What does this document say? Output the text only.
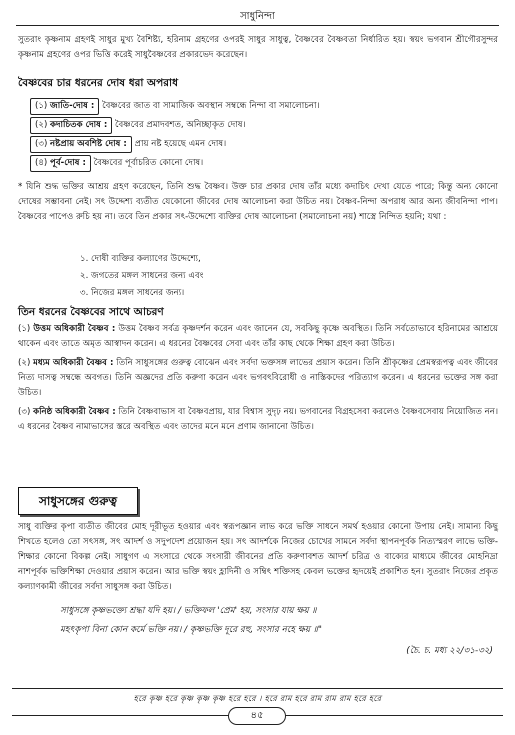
সাধুনিন্দা

সুতরাং কৃষ্ণনাম গ্রহণই সাধুর মুখ্য বৈশিষ্ট্য, হরিনাম গ্রহণের ওপরই সাধুর সাধুত্ব, বৈষ্ণবের বৈষ্ণবতা নির্ধারিত হয়। স্বয়ং ভগবান শ্রীগৌরসুন্দর কৃষ্ণনাম গ্রহণের ওপর ভিত্তি করেই সাধুবৈষ্ণবের প্রকারভেদ করেছেন।

বৈষ্ণবের চার ধরনের দোষ ধরা অপরাধ
(১) জাতি-দোষ : বৈষ্ণবের জাত বা সামাজিক অবস্থান সম্বন্ধে নিন্দা বা সমালোচনা।
(২) কদাচিতক দোষ : বৈষ্ণবের প্রমাদবশত, অনিচ্ছাকৃত দোষ।
(৩) নষ্টপ্রায় অবশিষ্ট দোষ : প্রায় নষ্ট হয়েছে এমন দোষ।
(৪) পূর্ব-দোষ : বৈষ্ণবের পূর্বাচরিত কোনো দোষ।

* যিনি শুদ্ধ ভক্তির আশ্রয় গ্রহণ করেছেন, তিনি শুদ্ধ বৈষ্ণব। উক্ত চার প্রকার দোষ তাঁর মধ্যে কদাচিৎ দেখা যেতে পারে; কিন্তু অন্য কোনো দোষের সম্ভাবনা নেই। সৎ উদ্দেশ্য ব্যতীত যেকোনো জীবের দোষ আলোচনা করা উচিত নয়। বৈষ্ণব-নিন্দা অপরাধ আর অন্য জীবনিন্দা পাপ। বৈষ্ণবের পাপেও রুচি হয় না। তবে তিন প্রকার সৎ-উদ্দেশ্যে ব্যক্তির দোষ আলোচনা (সমালোচনা নয়) শাস্ত্রে নিন্দিত হয়নি; যথা :

১. দোষী ব্যক্তির কল্যাণের উদ্দেশ্যে,
২. জগতের মঙ্গল সাধনের জন্য এবং
৩. নিজের মঙ্গল সাধনের জন্য।
তিন ধরনের বৈষ্ণবের সাথে আচরণ
(১) উত্তম অধিকারী বৈষ্ণব : উত্তম বৈষ্ণব সর্বত্র কৃষ্ণদর্শন করেন এবং জানেন যে, সবকিছু কৃষ্ণে অবস্থিত। তিনি সর্বতোভাবে হরিনামের আশ্রয়ে থাকেন এবং তাতে অমৃত আস্বাদন করেন। এ ধরনের বৈষ্ণবের সেবা এবং তাঁর কাছ থেকে শিক্ষা গ্রহণ করা উচিত।
(২) মধ্যম অধিকারী বৈষ্ণব : তিনি সাধুসঙ্গের গুরুত্ব বোঝেন এবং সর্বদা ভক্তসঙ্গ লাভের প্রয়াস করেন। তিনি শ্রীকৃষ্ণের প্রেমস্বরূপত্ব এবং জীবের নিত্য দাসত্ব সম্বন্ধে অবগত। তিনি অজ্ঞদের প্রতি করুণা করেন এবং ভগবৎবিরোধী ও নাস্তিকদের পরিত্যাগ করেন। এ ধরনের ভক্তের সঙ্গ করা উচিত।
(৩) কনিষ্ঠ অধিকারী বৈষ্ণব : তিনি বৈষ্ণবাভাস বা বৈষ্ণবপ্রায়, যার বিশ্বাস সুদৃঢ় নয়। ভগবানের বিগ্রহসেবা করলেও বৈষ্ণবসেবায় নিয়োজিত নন। এ ধরনের বৈষ্ণব নামাভাসের স্তরে অবস্থিত এবং তাদের মনে মনে প্রণাম জানানো উচিত।
সাধুসঙ্গের গুরুত্ব

সাধু ব্যক্তির কৃপা ব্যতীত জীবের মোহ দূরীভূত হওয়ার এবং স্বরূপজ্ঞান লাভ করে ভক্তি সাধনে সমর্থ হওয়ার কোনো উপায় নেই। সামান্য কিছু শিখতে হলেও তো সৎসঙ্গ, সৎ আদর্শ ও সদুপদেশ প্রয়োজন হয়। সৎ আদর্শকে নিজের চোখের সামনে সর্বদা স্থাপনপূর্বক নিত্যস্মরণ লাভে ভক্তি-শিক্ষার কোনো বিকল্প নেই। সাধুগণ এ সংসারে থেকে সংসারী জীবনের প্রতি করুণাবশত আদর্শ চরিত্র ও বাক্যের মাধ্যমে জীবের মোহনিদ্রা নাশপূর্বক ভক্তিশিক্ষা দেওয়ার প্রয়াস করেন। আর ভক্তি স্বয়ং হ্লাদিনী ও সম্বিৎ শক্তিসহ কেবল ভক্তের হৃদয়েই প্রকাশিত হন। সুতরাং নিজের প্রকৃত কল্যাণকামী জীবের সর্বদা সাধুসঙ্গ করা উচিত।

সাধুসঙ্গে কৃষ্ণভক্ত্যে শ্রদ্ধা যদি হয়। / ভক্তিফল 'প্রেম' হয়, সংসার যায় ক্ষয় ॥
মহৎকৃপা বিনা কোন কর্মে ভক্তি নয়। / কৃষ্ণভক্তি দূরে রহু, সংসার নহে ক্ষয় ॥"
(চৈ. চ. মধ্য ২২/৩১-৩২)
হরে কৃষ্ণ হরে কৃষ্ণ কৃষ্ণ কৃষ্ণ হরে হরে । হরে রাম হরে রাম রাম রাম হরে হরে
৪৫
